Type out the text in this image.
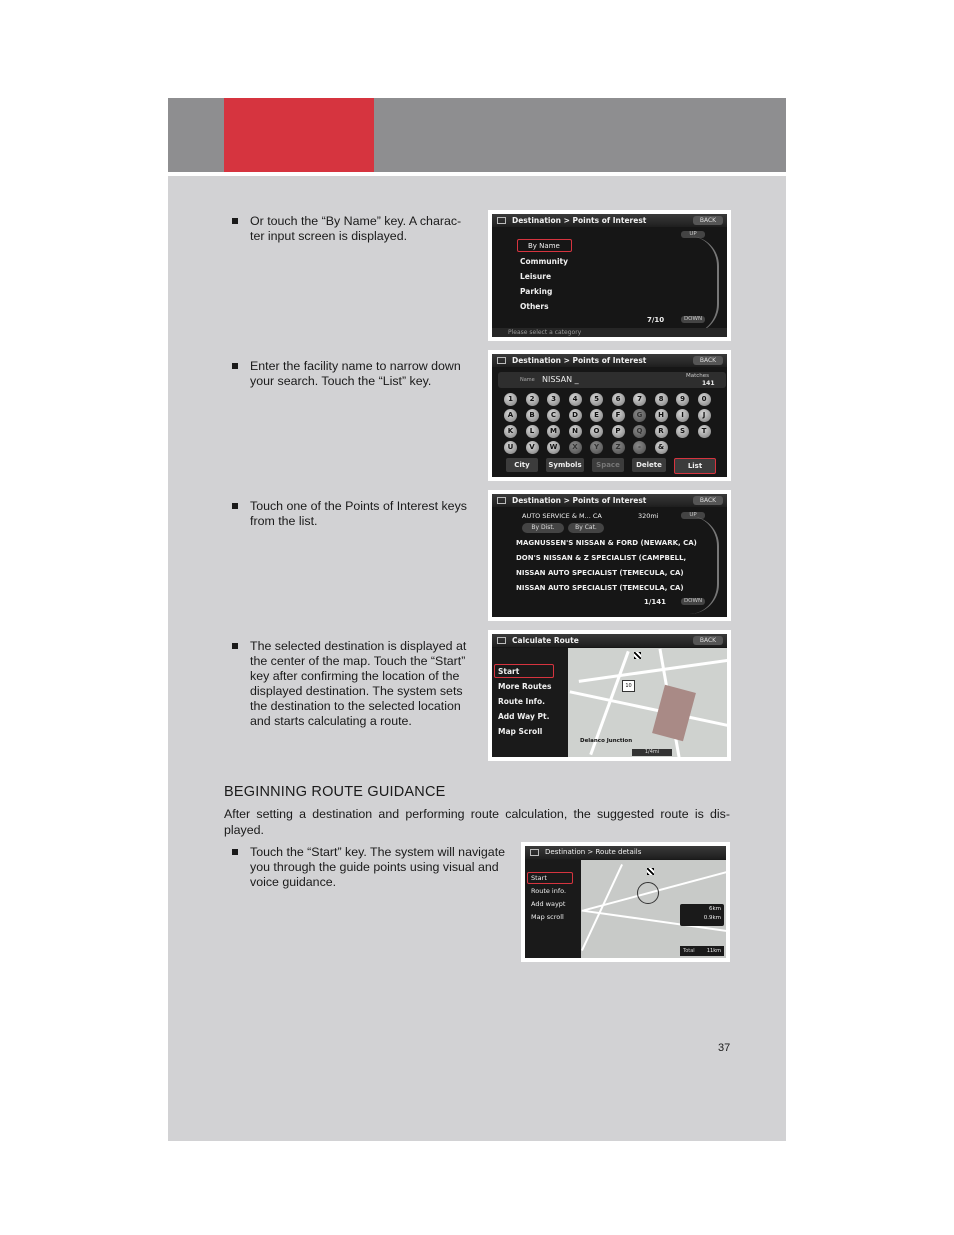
Or touch the “By Name” key. A charac-
ter input screen is displayed.
Enter the facility name to narrow down
your search. Touch the “List” key.
Touch one of the Points of Interest keys
from the list.
The selected destination is displayed at
the center of the map. Touch the “Start”
key after confirming the location of the
displayed destination. The system sets
the destination to the selected location
and starts calculating a route.
BEGINNING ROUTE GUIDANCE
After setting a destination and performing route calculation, the suggested route is dis-played.
Touch the “Start” key. The system will navigate
you through the guide points using visual and
voice guidance.
37
Destination > Points of Interest	BACK
UP
By Name
Community
Leisure
Parking
Others
7/10	DOWN
Please select a category
Destination > Points of Interest	BACK
Name NISSAN _	Matches
141
1	2	3	4	5	6	7	8	9	0
A	B	C	D	E	F	G	H	I	J
K	L	M	N	O	P	Q	R	S	T
U	V	W	X	Y	Z	-	&
City	Symbols	Space	Delete	List
Destination > Points of Interest	BACK
AUTO SERVICE & M... CA	320mi	UP
By Dist.	By Cat.
MAGNUSSEN'S NISSAN & FORD (NEWARK, CA)
DON'S NISSAN & Z SPECIALIST (CAMPBELL,
NISSAN AUTO SPECIALIST (TEMECULA, CA)
NISSAN AUTO SPECIALIST (TEMECULA, CA)
1/141	DOWN
Calculate Route	BACK
10
Delanco Junction
1/4mi
Start
More Routes
Route Info.
Add Way Pt.
Map Scroll
Destination > Route details
6km
0.9km
Total 11km
Start
Route info.
Add waypt
Map scroll
